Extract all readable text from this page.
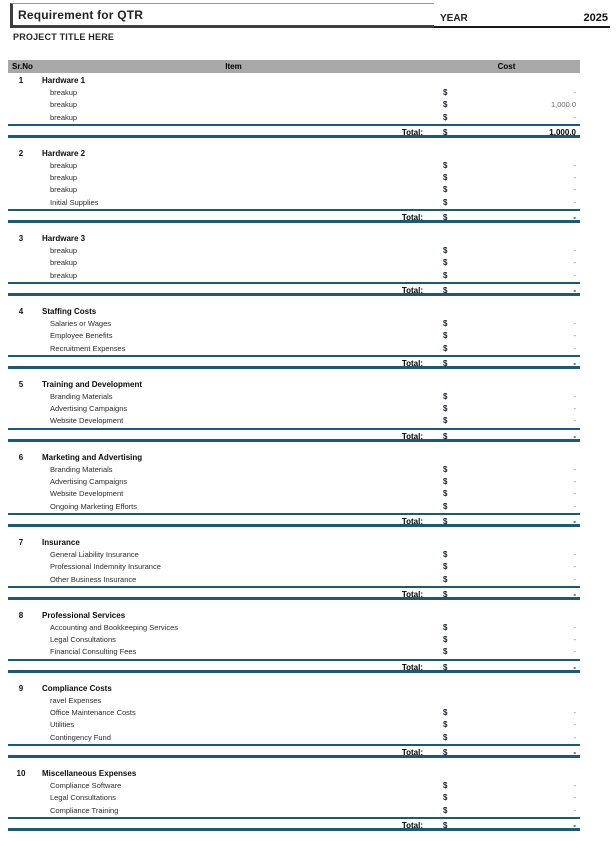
Requirement for QTR	YEAR	2025
PROJECT TITLE HERE
Sr.No	Item	Cost
1	Hardware 1
breakup	$	-
breakup	$	1,000.0
breakup	$	-
Total:	$	1,000.0
2	Hardware 2
breakup	$	-
breakup	$	-
breakup	$	-
Initial Supplies	$	-
Total:	$	-
3	Hardware 3
breakup	$	-
breakup	$	-
breakup	$	-
Total:	$	-
4	Staffing Costs
Salaries or Wages	$	-
Employee Benefits	$	-
Recruitment Expenses	$	-
Total:	$	-
5	Training and Development
Branding Materials	$	-
Advertising Campaigns	$	-
Website Development	$	-
Total:	$	-
6	Marketing and Advertising
Branding Materials	$	-
Advertising Campaigns	$	-
Website Development	$	-
Ongoing Marketing Efforts	$	-
Total:	$	-
7	Insurance
General Liability Insurance	$	-
Professional Indemnity Insurance	$	-
Other Business Insurance	$	-
Total:	$	-
8	Professional Services
Accounting and Bookkeeping Services	$	-
Legal Consultations	$	-
Financial Consulting Fees	$	-
Total:	$	-
9	Compliance Costs
ravel Expenses
Office Maintenance Costs	$	-
Utilities	$	-
Contingency Fund	$	-
Total:	$	-
10	Miscellaneous Expenses
Compliance Software	$	-
Legal Consultations	$	-
Compliance Training	$	-
Total:	$	-
